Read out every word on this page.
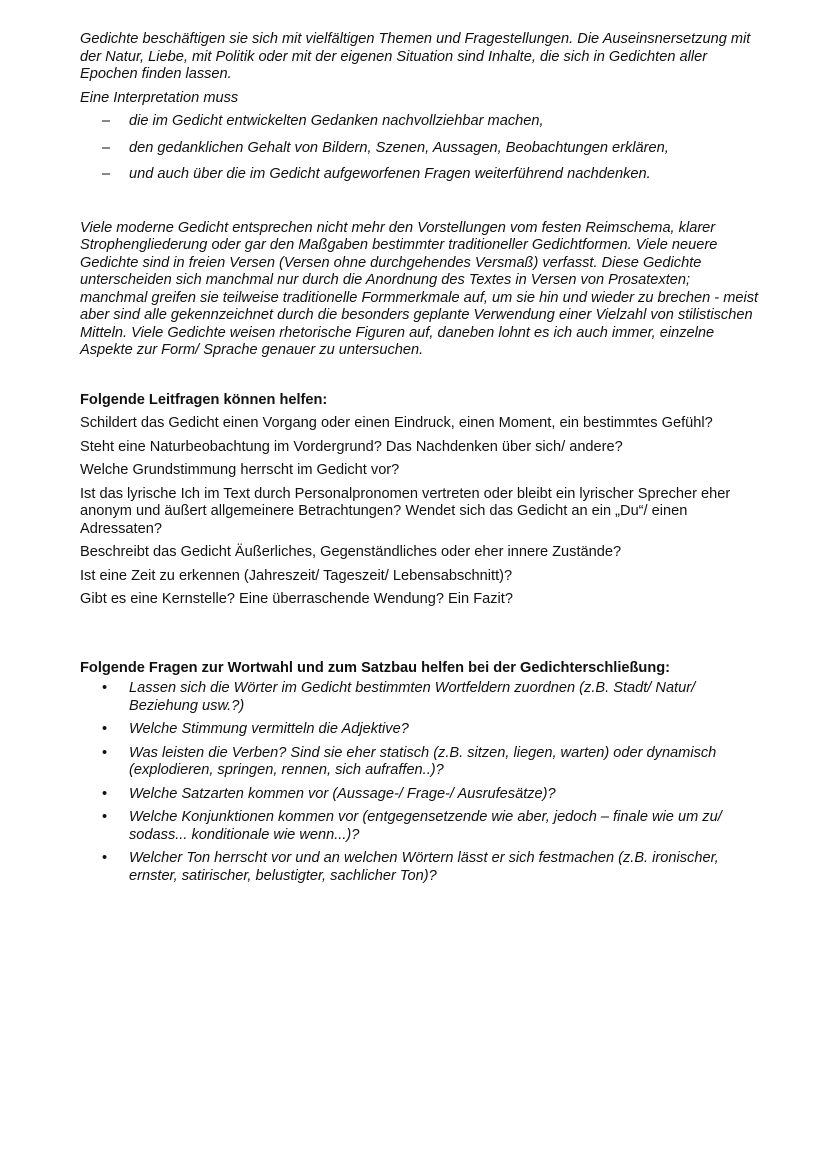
Gedichte beschäftigen sie sich mit vielfältigen Themen und Fragestellungen. Die Auseinsnersetzung mit der Natur, Liebe, mit Politik oder mit der eigenen Situation sind Inhalte, die sich in Gedichten aller Epochen finden lassen.

Eine Interpretation muss

– die im Gedicht entwickelten Gedanken nachvollziehbar machen,
– den gedanklichen Gehalt von Bildern, Szenen, Aussagen, Beobachtungen erklären,
– und auch über die im Gedicht aufgeworfenen Fragen weiterführend nachdenken.

Viele moderne Gedicht entsprechen nicht mehr den Vorstellungen vom festen Reimschema, klarer Strophengliederung oder gar den Maßgaben bestimmter traditioneller Gedichtformen. Viele neuere Gedichte sind in freien Versen (Versen ohne durchgehendes Versmaß) verfasst. Diese Gedichte unterscheiden sich manchmal nur durch die Anordnung des Textes in Versen von Prosatexten; manchmal greifen sie teilweise traditionelle Formmerkmale auf, um sie hin und wieder zu brechen - meist aber sind alle gekennzeichnet durch die besonders geplante Verwendung einer Vielzahl von stilistischen Mitteln. Viele Gedichte weisen rhetorische Figuren auf, daneben lohnt es ich auch immer, einzelne Aspekte zur Form/ Sprache genauer zu untersuchen.

Folgende Leitfragen können helfen:

Schildert das Gedicht einen Vorgang oder einen Eindruck, einen Moment, ein bestimmtes Gefühl?

Steht eine Naturbeobachtung im Vordergrund? Das Nachdenken über sich/ andere?

Welche Grundstimmung herrscht im Gedicht vor?

Ist das lyrische Ich im Text durch Personalpronomen vertreten oder bleibt ein lyrischer Sprecher eher anonym und äußert allgemeinere Betrachtungen? Wendet sich das Gedicht an ein „Du“/ einen Adressaten?

Beschreibt das Gedicht Äußerliches, Gegenständliches oder eher innere Zustände?

Ist eine Zeit zu erkennen (Jahreszeit/ Tageszeit/ Lebensabschnitt)?

Gibt es eine Kernstelle? Eine überraschende Wendung? Ein Fazit?

Folgende Fragen zur Wortwahl und zum Satzbau helfen bei der Gedichterschließung:
• Lassen sich die Wörter im Gedicht bestimmten Wortfeldern zuordnen (z.B. Stadt/ Natur/ Beziehung usw.?)
• Welche Stimmung vermitteln die Adjektive?
• Was leisten die Verben? Sind sie eher statisch (z.B. sitzen, liegen, warten) oder dynamisch (explodieren, springen, rennen, sich aufraffen..)?
• Welche Satzarten kommen vor (Aussage-/ Frage-/ Ausrufesätze)?
• Welche Konjunktionen kommen vor (entgegensetzende wie aber, jedoch – finale wie um zu/ sodass... konditionale wie wenn...)?
• Welcher Ton herrscht vor und an welchen Wörtern lässt er sich festmachen (z.B. ironischer, ernster, satirischer, belustigter, sachlicher Ton)?
